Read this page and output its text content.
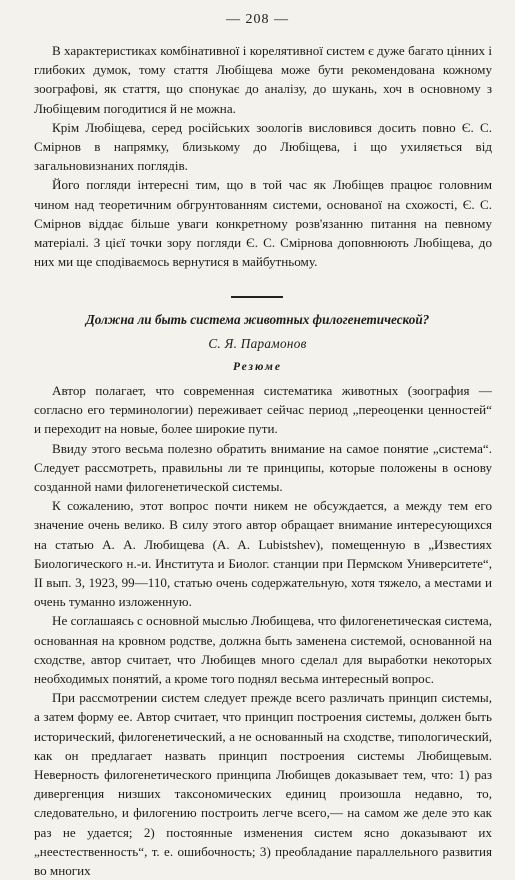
— 208 —

В характеристиках комбінативної і корелятивної систем є дуже багато цінних і глибоких думок, тому стаття Любіщева може бути рекомендована кожному зоографові, як стаття, що спонукає до аналізу, до шукань, хоч в основному з Любіщевим погодитися й не можна.

Крім Любіщева, серед російських зоологів висловився досить повно Є. С. Смірнов в напрямку, близькому до Любіщева, і що ухиляється від загальновизнаних поглядів.

Його погляди інтересні тим, що в той час як Любіщев працює головним чином над теоретичним обгрунтованням системи, основаної на схожості, Є. С. Смірнов віддає більше уваги конкретному розв'язанню питання на певному матеріалі. З цієї точки зору погляди Є. С. Смірнова доповнюють Любіщева, до них ми ще сподіваємось вернутися в майбутньому.

Должна ли быть система животных филогенетической?
С. Я. Парамонов
Резюме

Автор полагает, что современная систематика животных (зоография — согласно его терминологии) переживает сейчас период „переоценки ценностей“ и переходит на новые, более широкие пути.

Ввиду этого весьма полезно обратить внимание на самое понятие „система“. Следует рассмотреть, правильны ли те принципы, которые положены в основу созданной нами филогенетической системы.

К сожалению, этот вопрос почти никем не обсуждается, а между тем его значение очень велико. В силу этого автор обращает внимание интересующихся на статью А. А. Любищева (A. A. Lubistshev), помещенную в „Известиях Биологического н.-и. Института и Биолог. станции при Пермском Университете“, II вып. 3, 1923, 99—110, статью очень содержательную, хотя тяжело, а местами и очень туманно изложенную.

Не соглашаясь с основной мыслью Любищева, что филогенетическая система, основанная на кровном родстве, должна быть заменена системой, основанной на сходстве, автор считает, что Любищев много сделал для выработки некоторых необходимых понятий, а кроме того поднял весьма интересный вопрос.

При рассмотрении систем следует прежде всего различать принцип системы, а затем форму ее. Автор считает, что принцип построения системы, должен быть исторический, филогенетический, а не основанный на сходстве, типологический, как он предлагает назвать принцип построения системы Любищевым. Неверность филогенетического принципа Любищев доказывает тем, что: 1) раз дивергенция низших таксономических единиц произошла недавно, то, следовательно, и филогению построить легче всего,— на самом же деле это как раз не удается; 2) постоянные изменения систем ясно доказывают их „неестественность“, т. е. ошибочность; 3) преобладание параллельного развития во многих
